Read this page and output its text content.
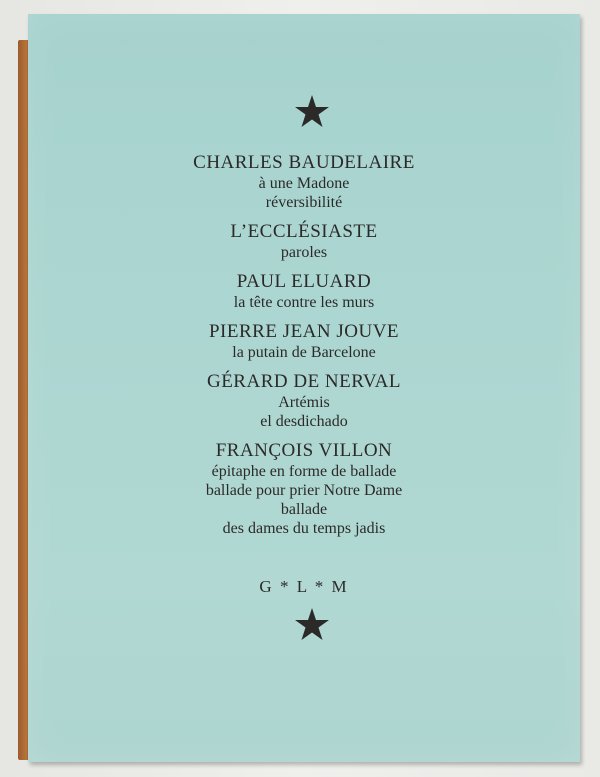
CHARLES BAUDELAIRE

à une Madone

réversibilité

L’ECCLÉSIASTE

paroles

PAUL ELUARD

la tête contre les murs

PIERRE JEAN JOUVE

la putain de Barcelone

GÉRARD DE NERVAL

Artémis

el desdichado

FRANÇOIS VILLON

épitaphe en forme de ballade

ballade pour prier Notre Dame

ballade

des dames du temps jadis

G * L * M
